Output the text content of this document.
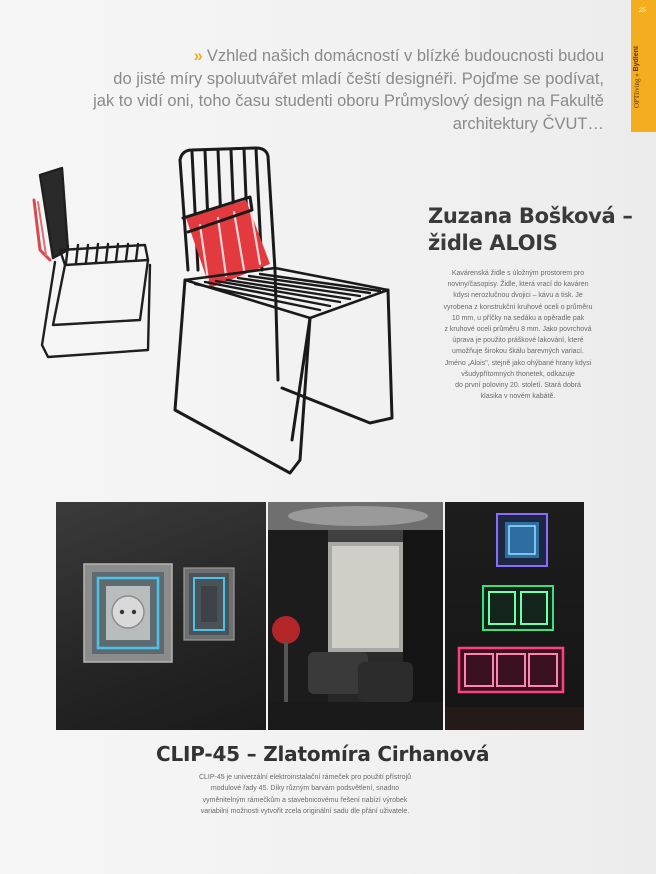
25
OPTliving » Bydlení
» Vzhled našich domácností v blízké budoucnosti budou
do jisté míry spoluutvářet mladí čeští designéři. Pojďme se podívat,
jak to vidí oni, toho času studenti oboru Průmyslový design na Fakultě
architektury ČVUT…
Zuzana Bošková –
židle ALOIS
Kavárenská židle s úložným prostorem pro
noviny/časopisy. Židle, která vrací do kaváren
kdysi nerozlučnou dvojici – kávu a tisk. Je
vyrobena z konstrukční kruhové oceli o průměru
10 mm, u příčky na sedáku a opěradle pak
z kruhové oceli průměru 8 mm. Jako povrchová
úprava je použito práškové lakování, které
umožňuje širokou škálu barevných variací.
Jméno „Alois", stejně jako ohýbané hrany kdysi
všudypřítomných thonetek, odkazuje
do první poloviny 20. století. Stará dobrá
klasika v novém kabátě.
CLIP-45 – Zlatomíra Cirhanová
CLIP-45 je univerzální elektroinstalační rámeček pro použití přístrojů
modulové řady 45. Díky různým barvám podsvětlení, snadno
vyměnitelným rámečkům a stavebnicovému řešení nabízí výrobek
variabilní možnosti vytvořit zcela originální sadu dle přání uživatele.
